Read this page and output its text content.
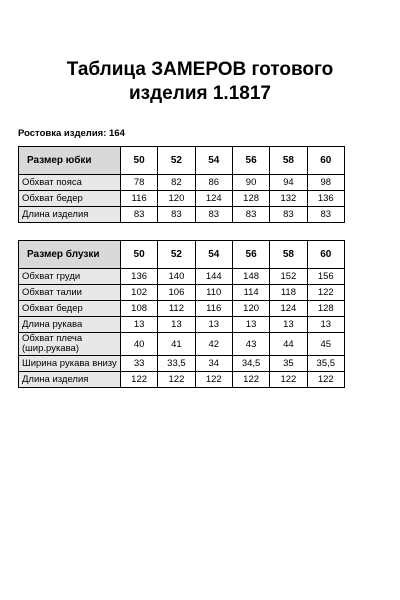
Таблица ЗАМЕРОВ готового
изделия 1.1817
Ростовка изделия: 164
Размер юбки	50	52	54	56	58	60
Обхват пояса	78	82	86	90	94	98
Обхват бедер	116	120	124	128	132	136
Длина изделия	83	83	83	83	83	83
Размер блузки	50	52	54	56	58	60
Обхват груди	136	140	144	148	152	156
Обхват талии	102	106	110	114	118	122
Обхват бедер	108	112	116	120	124	128
Длина рукава	13	13	13	13	13	13

Обхват плеча
(шир.рукава)	40	41	42	43	44	45
Ширина рукава внизу	33	33,5	34	34,5	35	35,5
Длина изделия	122	122	122	122	122	122
